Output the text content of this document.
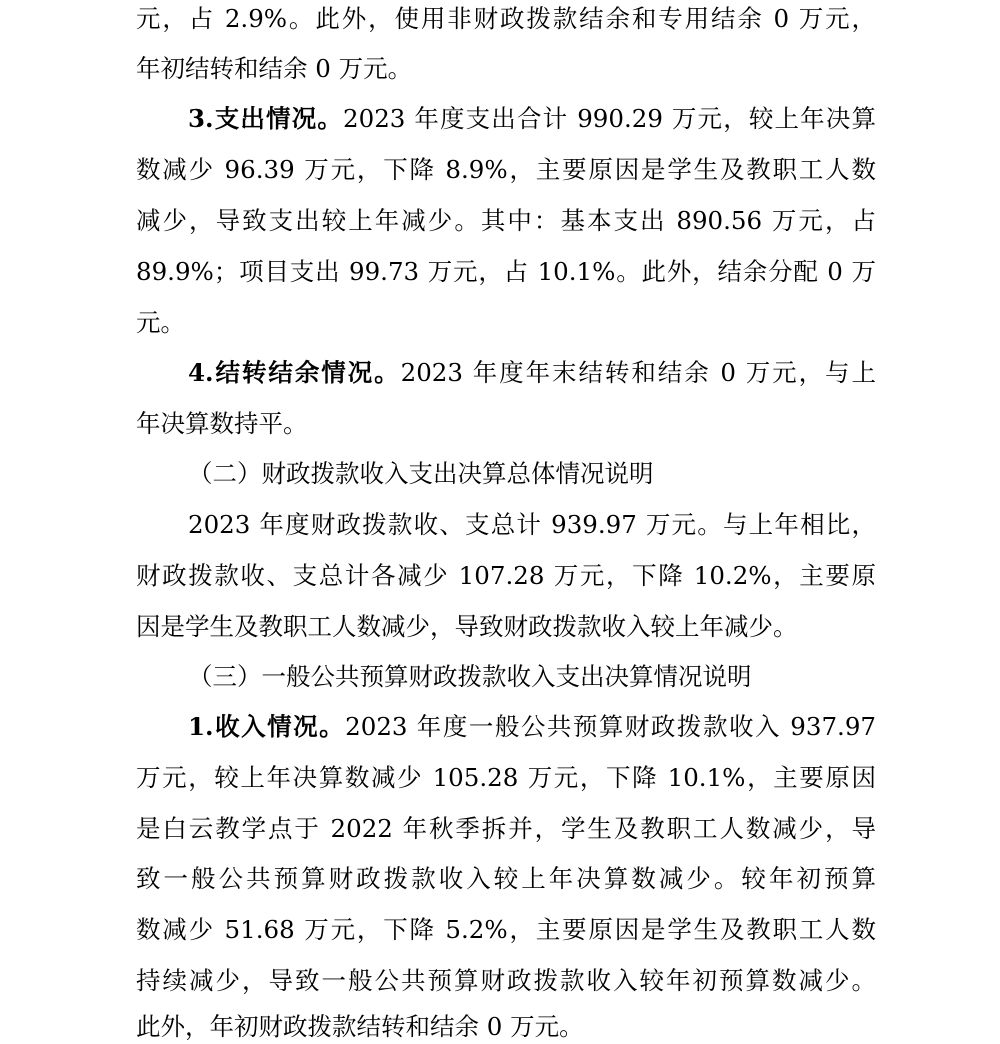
元，占 2.9%。此外，使用非财政拨款结余和专用结余 0 万元，
年初结转和结余 0 万元。
3.支出情况。2023 年度支出合计 990.29 万元，较上年决算
数减少 96.39 万元，下降 8.9%，主要原因是学生及教职工人数
减少，导致支出较上年减少。其中：基本支出 890.56 万元，占
89.9%；项目支出 99.73 万元，占 10.1%。此外，结余分配 0 万
元。
4.结转结余情况。2023 年度年末结转和结余 0 万元，与上
年决算数持平。
（二）财政拨款收入支出决算总体情况说明
2023 年度财政拨款收、支总计 939.97 万元。与上年相比，
财政拨款收、支总计各减少 107.28 万元，下降 10.2%，主要原
因是学生及教职工人数减少，导致财政拨款收入较上年减少。
（三）一般公共预算财政拨款收入支出决算情况说明
1.收入情况。2023 年度一般公共预算财政拨款收入 937.97
万元，较上年决算数减少 105.28 万元，下降 10.1%，主要原因
是白云教学点于 2022 年秋季拆并，学生及教职工人数减少，导
致一般公共预算财政拨款收入较上年决算数减少。较年初预算
数减少 51.68 万元，下降 5.2%，主要原因是学生及教职工人数
持续减少，导致一般公共预算财政拨款收入较年初预算数减少。
此外，年初财政拨款结转和结余 0 万元。
